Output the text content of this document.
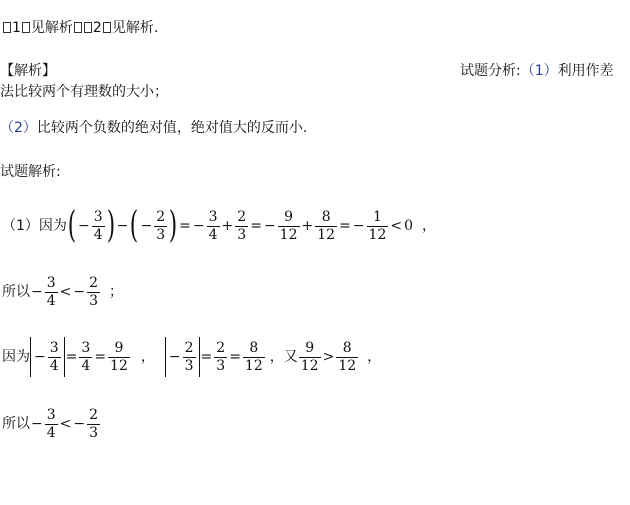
1 见解析 2 见解析.
【解析】	试题分析:（1）利用作差
法比较两个有理数的大小；
（2）比较两个负数的绝对值，绝对值大的反而小.
试题解析:
（1）因为( − $\frac{3}{4}$ ) −( − $\frac{2}{3}$ ) = − $\frac{3}{4} + \frac{2}{3}$ = − $\frac{9}{12} + \frac{8}{12}$ = − $\frac{1}{12} < 0$ ，
所以− $\frac{3}{4}$ < − $\frac{2}{3}$ ；
因为 − $\frac{3}{4} = \frac{3}{4} = \frac{9}{12}$ ， − $\frac{2}{3} = \frac{2}{3} = \frac{8}{12}$ ，又 $\frac{9}{12} > \frac{8}{12}$ ，
所以− $\frac{3}{4}$ < − $\frac{2}{3}$
